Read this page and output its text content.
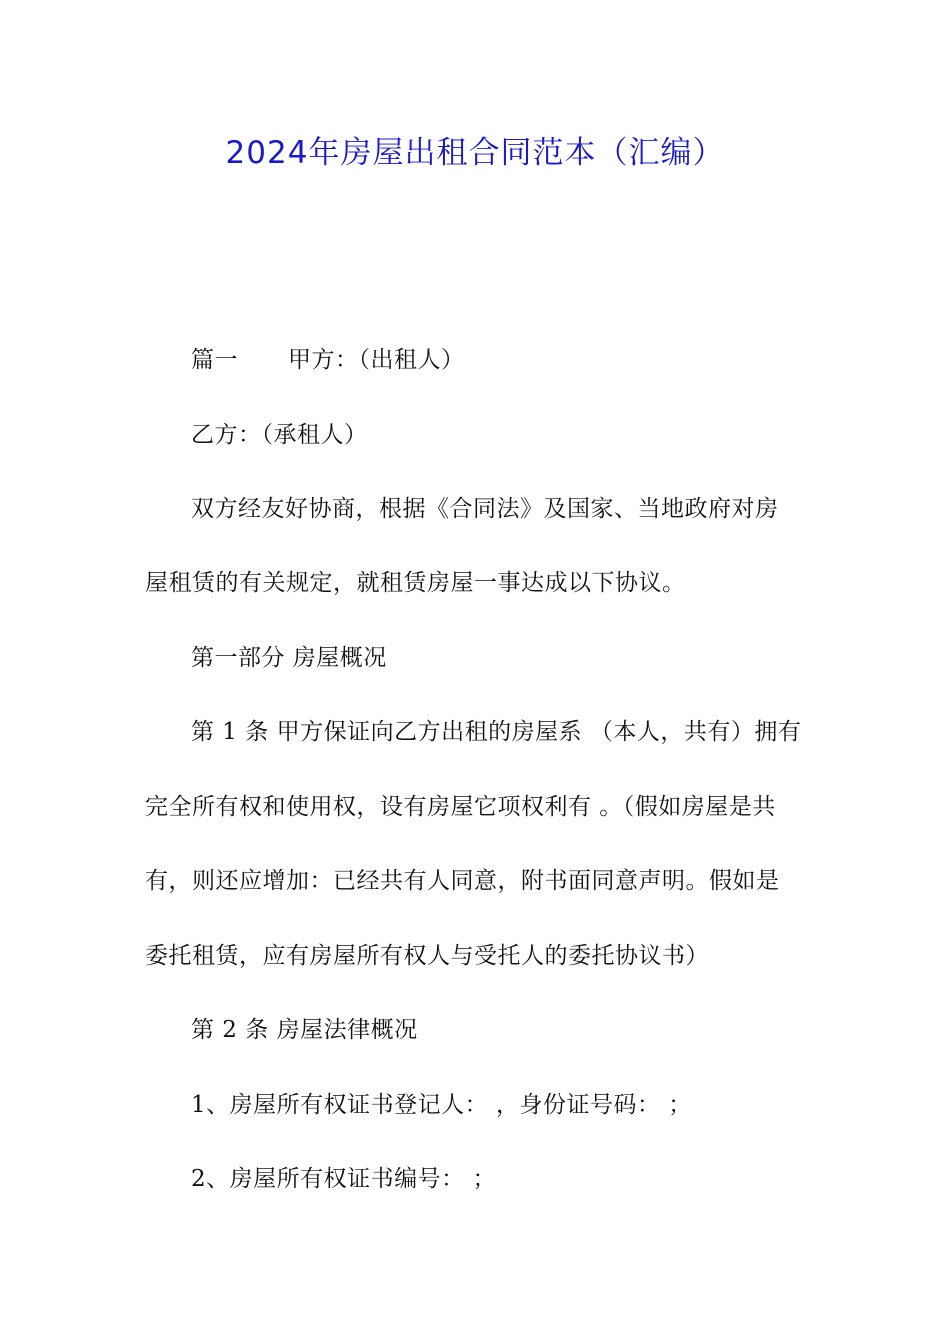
2024年房屋出租合同范本（汇编）
篇一 甲方：（出租人）
乙方：（承租人）
双方经友好协商，根据《合同法》及国家、当地政府对房
屋租赁的有关规定，就租赁房屋一事达成以下协议。
第一部分 房屋概况
第 1 条 甲方保证向乙方出租的房屋系 （本人，共有）拥有
完全所有权和使用权，设有房屋它项权利有 。（假如房屋是共
有，则还应增加：已经共有人同意，附书面同意声明。假如是
委托租赁，应有房屋所有权人与受托人的委托协议书）
第 2 条 房屋法律概况
1、房屋所有权证书登记人： ，身份证号码： ；
2、房屋所有权证书编号： ；
